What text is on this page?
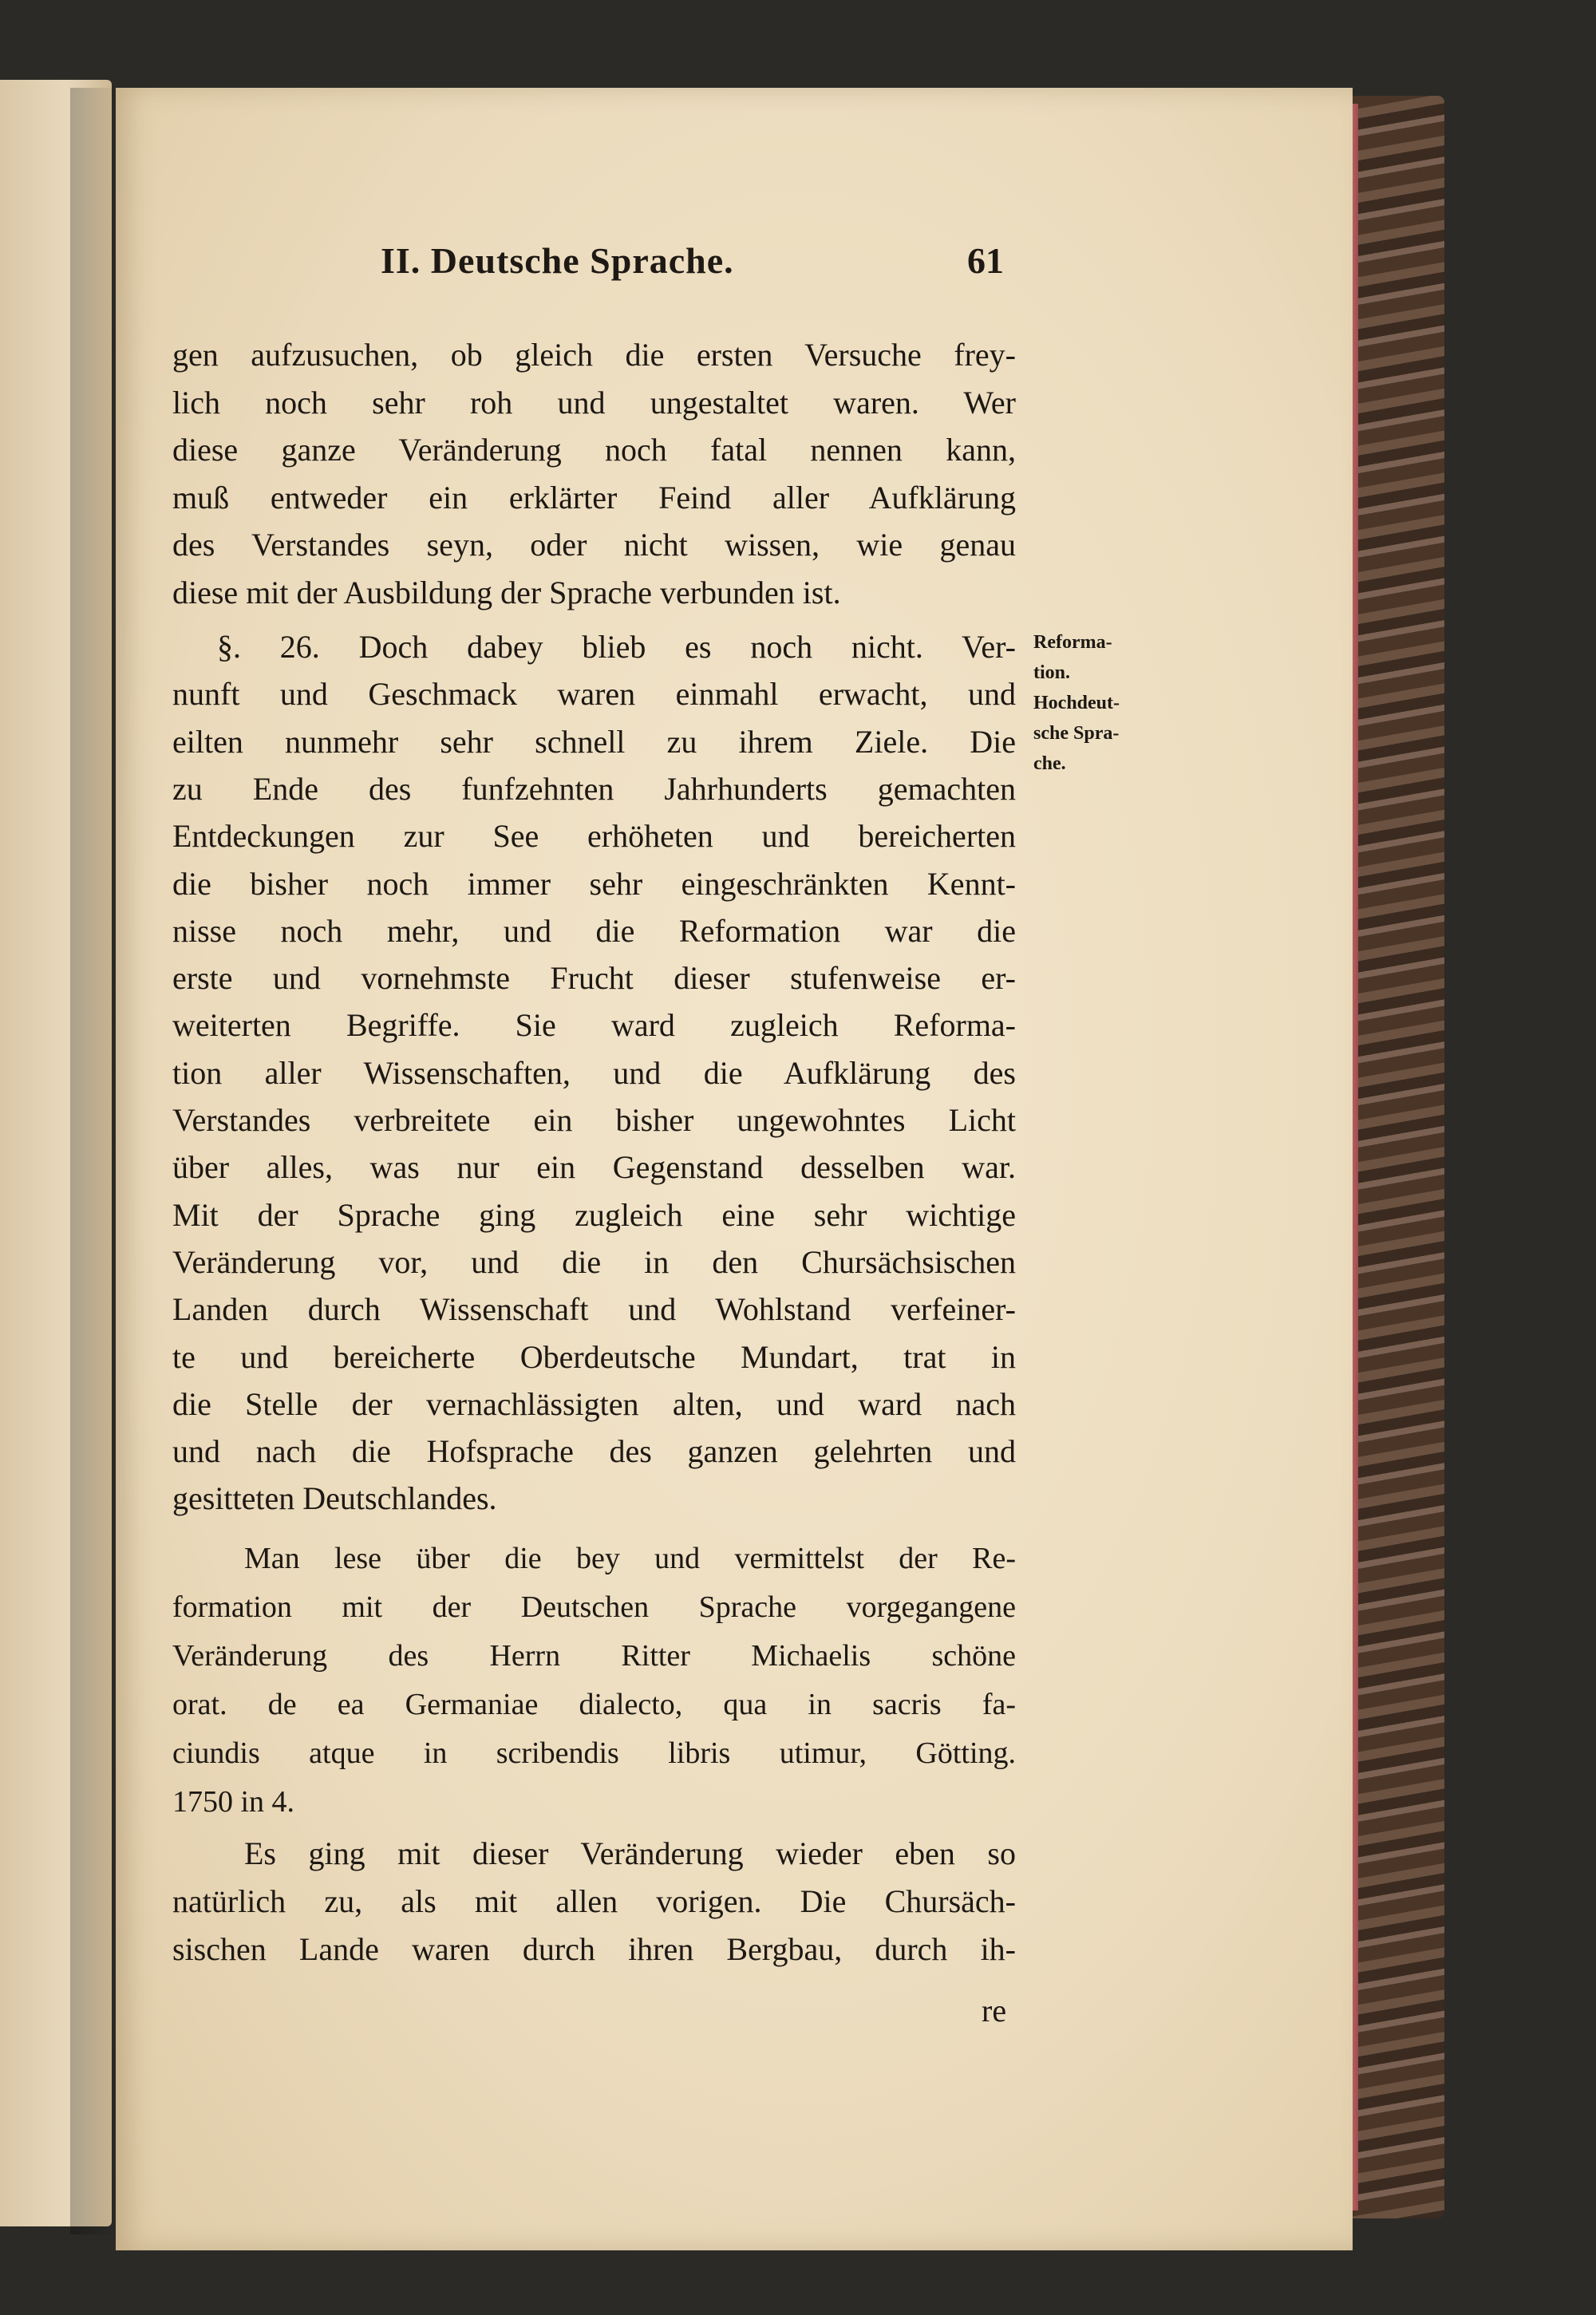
II. Deutsche Sprache.	61
gen aufzusuchen, ob gleich die ersten Versuche frey-
lich noch sehr roh und ungestaltet waren. Wer
diese ganze Veränderung noch fatal nennen kann,
muß entweder ein erklärter Feind aller Aufklärung
des Verstandes seyn, oder nicht wissen, wie genau
diese mit der Ausbildung der Sprache verbunden ist.
§. 26. Doch dabey blieb es noch nicht. Ver-
nunft und Geschmack waren einmahl erwacht, und
eilten nunmehr sehr schnell zu ihrem Ziele. Die
zu Ende des funfzehnten Jahrhunderts gemachten
Entdeckungen zur See erhöheten und bereicherten
die bisher noch immer sehr eingeschränkten Kennt-
nisse noch mehr, und die Reformation war die
erste und vornehmste Frucht dieser stufenweise er-
weiterten Begriffe. Sie ward zugleich Reforma-
tion aller Wissenschaften, und die Aufklärung des
Verstandes verbreitete ein bisher ungewohntes Licht
über alles, was nur ein Gegenstand desselben war.
Mit der Sprache ging zugleich eine sehr wichtige
Veränderung vor, und die in den Chursächsischen
Landen durch Wissenschaft und Wohlstand verfeiner-
te und bereicherte Oberdeutsche Mundart, trat in
die Stelle der vernachlässigten alten, und ward nach
und nach die Hofsprache des ganzen gelehrten und
gesitteten Deutschlandes.
Man lese über die bey und vermittelst der Re-
formation mit der Deutschen Sprache vorgegangene
Veränderung des Herrn Ritter Michaelis schöne
orat. de ea Germaniae dialecto, qua in sacris fa-
ciundis atque in scribendis libris utimur, Götting.
1750 in 4.
Es ging mit dieser Veränderung wieder eben so
natürlich zu, als mit allen vorigen. Die Chursäch-
sischen Lande waren durch ihren Bergbau, durch ih-
Reforma-
tion.
Hochdeut-
sche Spra-
che.
re
